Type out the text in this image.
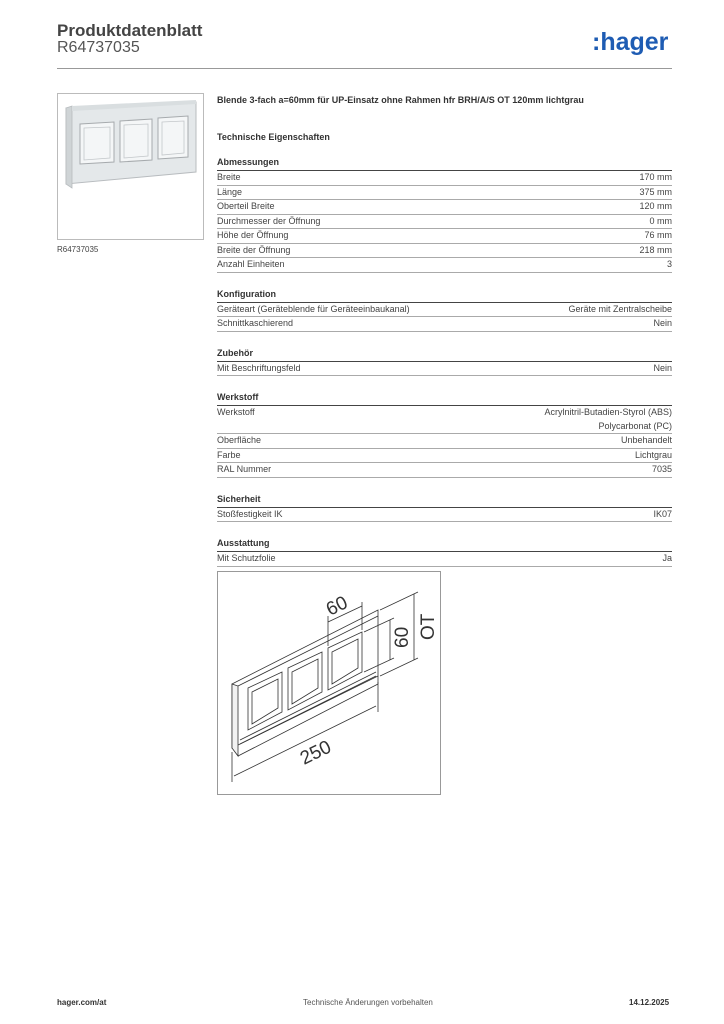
Produktdatenblatt
R64737035	:hager
R64737035
Blende 3-fach a=60mm für UP-Einsatz ohne Rahmen hfr BRH/A/S OT 120mm lichtgrau
Technische Eigenschaften
Abmessungen
Breite	170 mm
Länge	375 mm
Oberteil Breite	120 mm
Durchmesser der Öffnung	0 mm
Höhe der Öffnung	76 mm
Breite der Öffnung	218 mm
Anzahl Einheiten	3
Konfiguration
Geräteart (Geräteblende für Geräteeinbaukanal)	Geräte mit Zentralscheibe
Schnittkaschierend	Nein
Zubehör
Mit Beschriftungsfeld	Nein
Werkstoff
Werkstoff	Acrylnitril-Butadien-Styrol (ABS)
Polycarbonat (PC)
Oberfläche	Unbehandelt
Farbe	Lichtgrau
RAL Nummer	7035
Sicherheit
Stoßfestigkeit IK	IK07
Ausstattung
Mit Schutzfolie	Ja
250
60
60 OT
hager.com/at	Technische Änderungen vorbehalten	14.12.2025
